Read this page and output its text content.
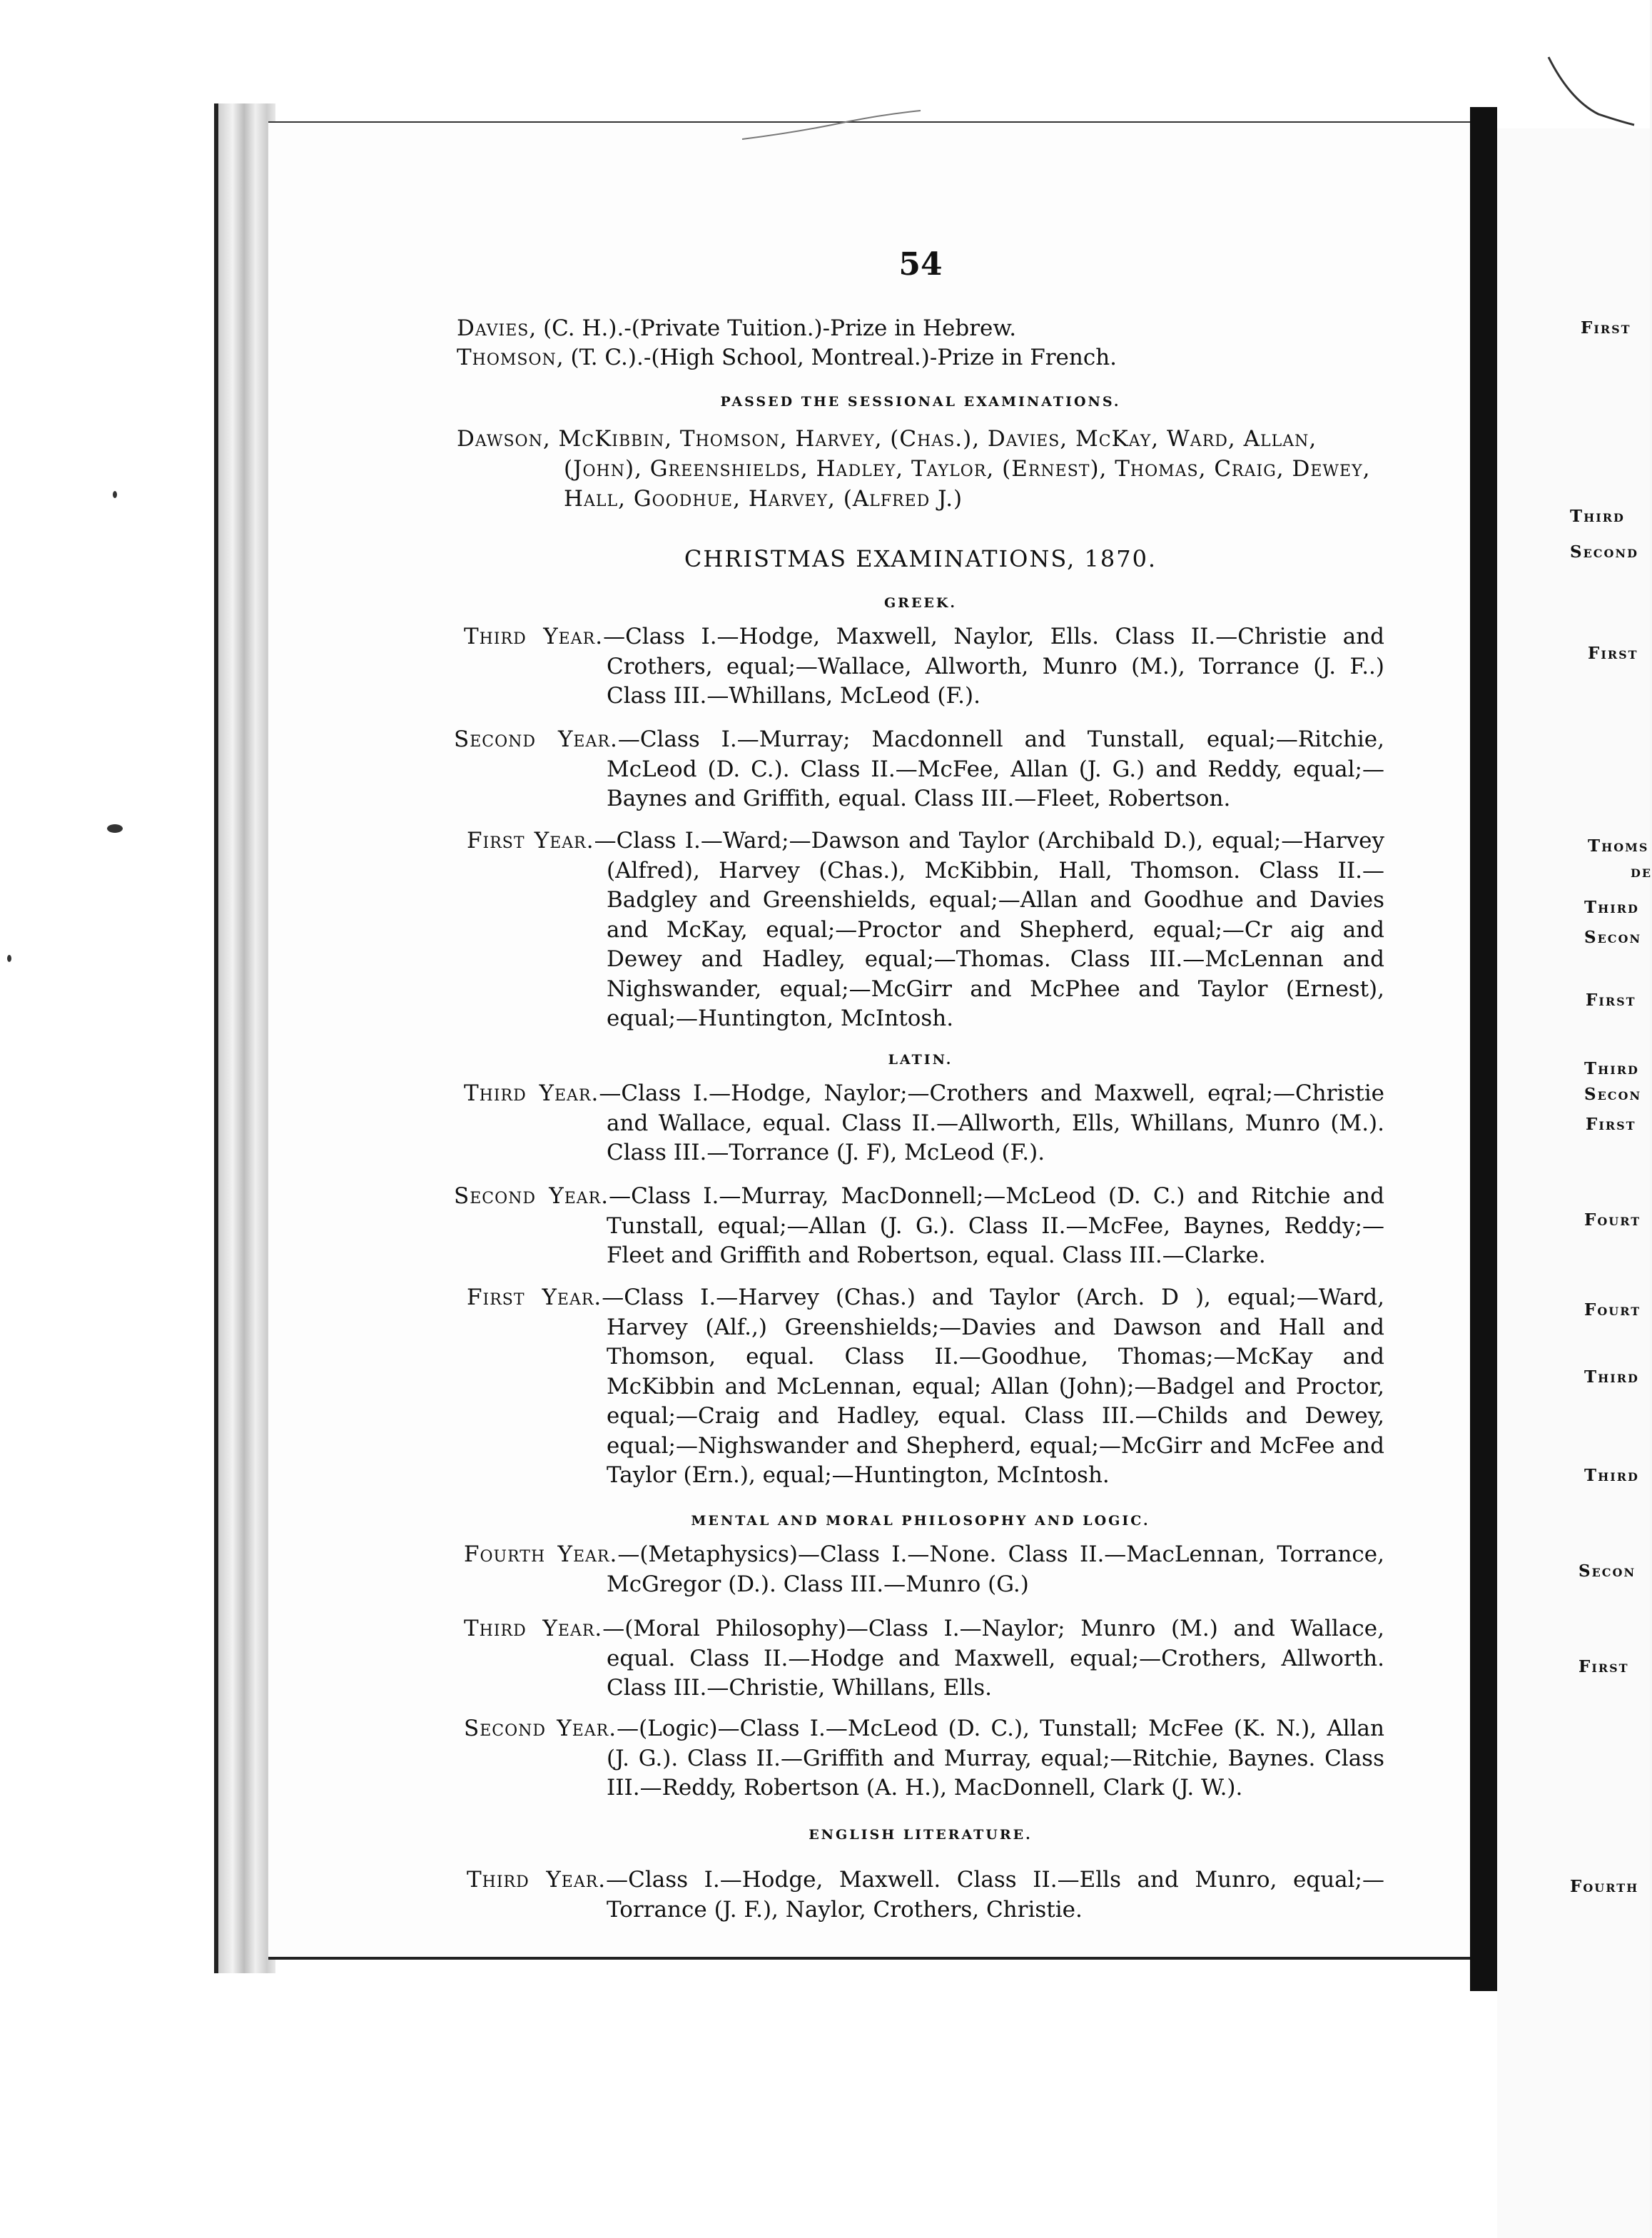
54
Davies, (C. H.).-(Private Tuition.)-Prize in Hebrew.
Thomson, (T. C.).-(High School, Montreal.)-Prize in French.
PASSED THE SESSIONAL EXAMINATIONS.
Dawson, McKibbin, Thomson, Harvey, (Chas.), Davies, McKay, Ward, Allan,
(John), Greenshields, Hadley, Taylor, (Ernest), Thomas, Craig, Dewey,
Hall, Goodhue, Harvey, (Alfred J.)
CHRISTMAS EXAMINATIONS, 1870.
GREEK.
Third Year.—Class I.—Hodge, Maxwell, Naylor, Ells. Class II.—Christie and Crothers, equal;—Wallace, Allworth, Munro (M.), Torrance (J. F..) Class III.—Whillans, McLeod (F.).
Second Year.—Class I.—Murray; Macdonnell and Tunstall, equal;—Ritchie, McLeod (D. C.). Class II.—McFee, Allan (J. G.) and Reddy, equal;—Baynes and Griffith, equal. Class III.—Fleet, Robertson.
First Year.—Class I.—Ward;—Dawson and Taylor (Archibald D.), equal;—Harvey (Alfred), Harvey (Chas.), McKibbin, Hall, Thomson. Class II.—Badgley and Greenshields, equal;—Allan and Goodhue and Davies and McKay, equal;—Proctor and Shepherd, equal;—Cr aig and Dewey and Hadley, equal;—Thomas. Class III.—McLennan and Nighswander, equal;—McGirr and McPhee and Taylor (Ernest), equal;—Huntington, McIntosh.
LATIN.
Third Year.—Class I.—Hodge, Naylor;—Crothers and Maxwell, eqral;—Christie and Wallace, equal. Class II.—Allworth, Ells, Whillans, Munro (M.). Class III.—Torrance (J. F), McLeod (F.).
Second Year.—Class I.—Murray, MacDonnell;—McLeod (D. C.) and Ritchie and Tunstall, equal;—Allan (J. G.). Class II.—McFee, Baynes, Reddy;—Fleet and Griffith and Robertson, equal. Class III.—Clarke.
First Year.—Class I.—Harvey (Chas.) and Taylor (Arch. D ), equal;—Ward, Harvey (Alf.,) Greenshields;—Davies and Dawson and Hall and Thomson, equal. Class II.—Goodhue, Thomas;—McKay and McKibbin and McLennan, equal; Allan (John);—Badgel and Proctor, equal;—Craig and Hadley, equal. Class III.—Childs and Dewey, equal;—Nighswander and Shepherd, equal;—McGirr and McFee and Taylor (Ern.), equal;—Huntington, McIntosh.
MENTAL AND MORAL PHILOSOPHY AND LOGIC.
Fourth Year.—(Metaphysics)—Class I.—None. Class II.—MacLennan, Torrance, McGregor (D.). Class III.—Munro (G.)
Third Year.—(Moral Philosophy)—Class I.—Naylor; Munro (M.) and Wallace, equal. Class II.—Hodge and Maxwell, equal;—Crothers, Allworth. Class III.—Christie, Whillans, Ells.
Second Year.—(Logic)—Class I.—McLeod (D. C.), Tunstall; McFee (K. N.), Allan (J. G.). Class II.—Griffith and Murray, equal;—Ritchie, Baynes. Class III.—Reddy, Robertson (A. H.), MacDonnell, Clark (J. W.).
ENGLISH LITERATURE.
Third Year.—Class I.—Hodge, Maxwell. Class II.—Ells and Munro, equal;—Torrance (J. F.), Naylor, Crothers, Christie.
First
Third
Second
First
Thoms
de
Third
Secon
First
Third
Secon
First
Fourt
Fourt
Third
Third
Secon
First
Fourth
